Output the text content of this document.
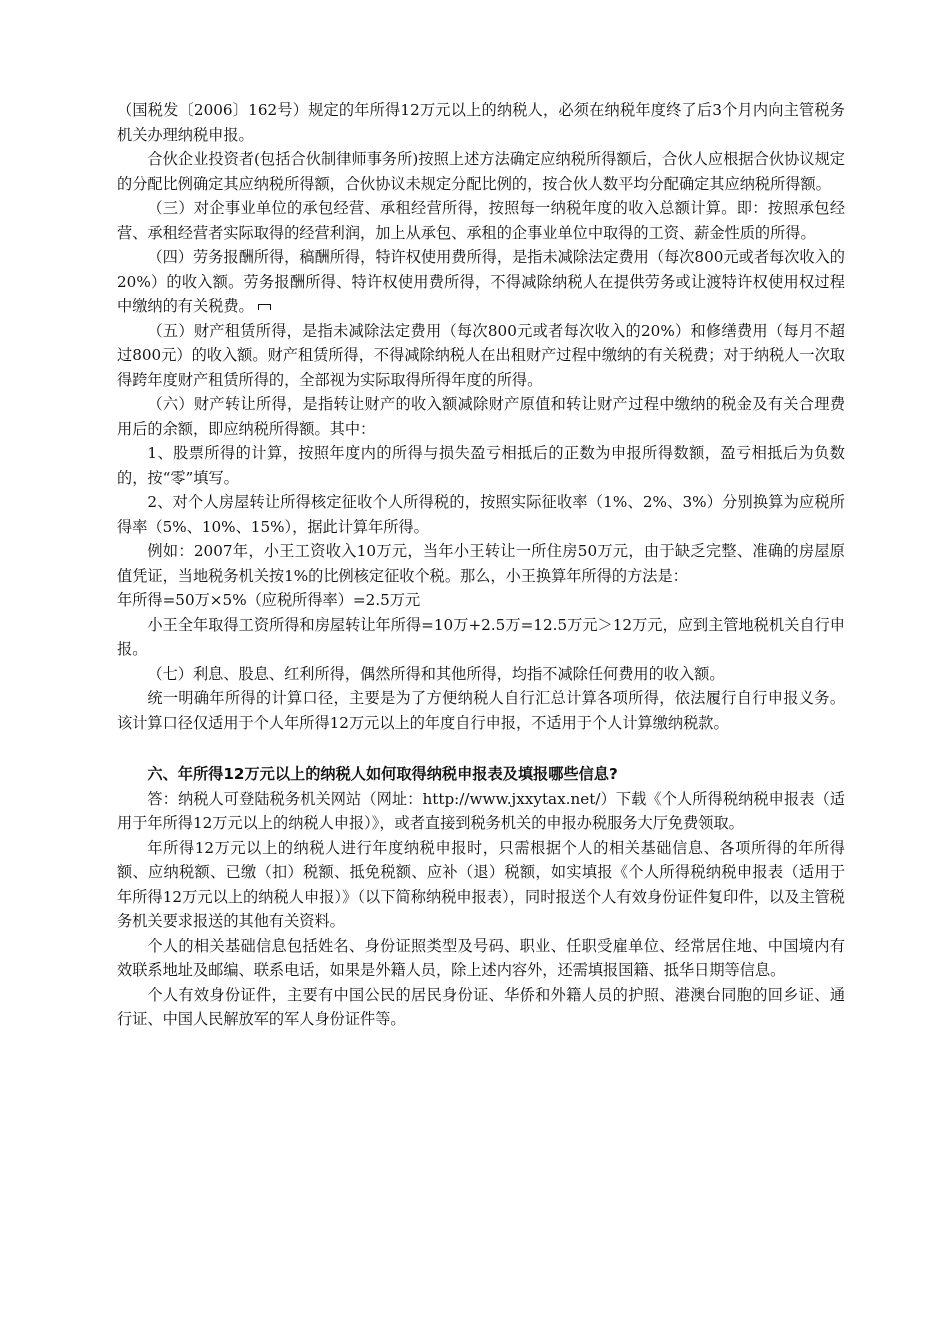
（国税发〔2006〕162号）规定的年所得12万元以上的纳税人，必须在纳税年度终了后3个月内向主管税务机关办理纳税申报。

合伙企业投资者(包括合伙制律师事务所)按照上述方法确定应纳税所得额后，合伙人应根据合伙协议规定的分配比例确定其应纳税所得额，合伙协议未规定分配比例的，按合伙人数平均分配确定其应纳税所得额。

（三）对企事业单位的承包经营、承租经营所得，按照每一纳税年度的收入总额计算。即：按照承包经营、承租经营者实际取得的经营利润，加上从承包、承租的企事业单位中取得的工资、薪金性质的所得。

（四）劳务报酬所得，稿酬所得，特许权使用费所得，是指未减除法定费用（每次800元或者每次收入的20%）的收入额。劳务报酬所得、特许权使用费所得，不得减除纳税人在提供劳务或让渡特许权使用权过程中缴纳的有关税费。

（五）财产租赁所得，是指未减除法定费用（每次800元或者每次收入的20%）和修缮费用（每月不超过800元）的收入额。财产租赁所得，不得减除纳税人在出租财产过程中缴纳的有关税费；对于纳税人一次取得跨年度财产租赁所得的，全部视为实际取得所得年度的所得。

（六）财产转让所得，是指转让财产的收入额减除财产原值和转让财产过程中缴纳的税金及有关合理费用后的余额，即应纳税所得额。其中：

1、股票所得的计算，按照年度内的所得与损失盈亏相抵后的正数为申报所得数额，盈亏相抵后为负数的，按“零”填写。

2、对个人房屋转让所得核定征收个人所得税的，按照实际征收率（1%、2%、3%）分别换算为应税所得率（5%、10%、15%），据此计算年所得。

例如：2007年，小王工资收入10万元，当年小王转让一所住房50万元，由于缺乏完整、准确的房屋原值凭证，当地税务机关按1%的比例核定征收个税。那么，小王换算年所得的方法是：

年所得=50万×5%（应税所得率）=2.5万元

小王全年取得工资所得和房屋转让年所得=10万+2.5万=12.5万元＞12万元，应到主管地税机关自行申报。

（七）利息、股息、红利所得，偶然所得和其他所得，均指不减除任何费用的收入额。

统一明确年所得的计算口径，主要是为了方便纳税人自行汇总计算各项所得，依法履行自行申报义务。该计算口径仅适用于个人年所得12万元以上的年度自行申报，不适用于个人计算缴纳税款。

六、年所得12万元以上的纳税人如何取得纳税申报表及填报哪些信息?

答：纳税人可登陆税务机关网站（网址：http://www.jxxytax.net/）下载《个人所得税纳税申报表（适用于年所得12万元以上的纳税人申报）》，或者直接到税务机关的申报办税服务大厅免费领取。

年所得12万元以上的纳税人进行年度纳税申报时，只需根据个人的相关基础信息、各项所得的年所得额、应纳税额、已缴（扣）税额、抵免税额、应补（退）税额，如实填报《个人所得税纳税申报表（适用于年所得12万元以上的纳税人申报）》（以下简称纳税申报表），同时报送个人有效身份证件复印件，以及主管税务机关要求报送的其他有关资料。

个人的相关基础信息包括姓名、身份证照类型及号码、职业、任职受雇单位、经常居住地、中国境内有效联系地址及邮编、联系电话，如果是外籍人员，除上述内容外，还需填报国籍、抵华日期等信息。

个人有效身份证件，主要有中国公民的居民身份证、华侨和外籍人员的护照、港澳台同胞的回乡证、通行证、中国人民解放军的军人身份证件等。
